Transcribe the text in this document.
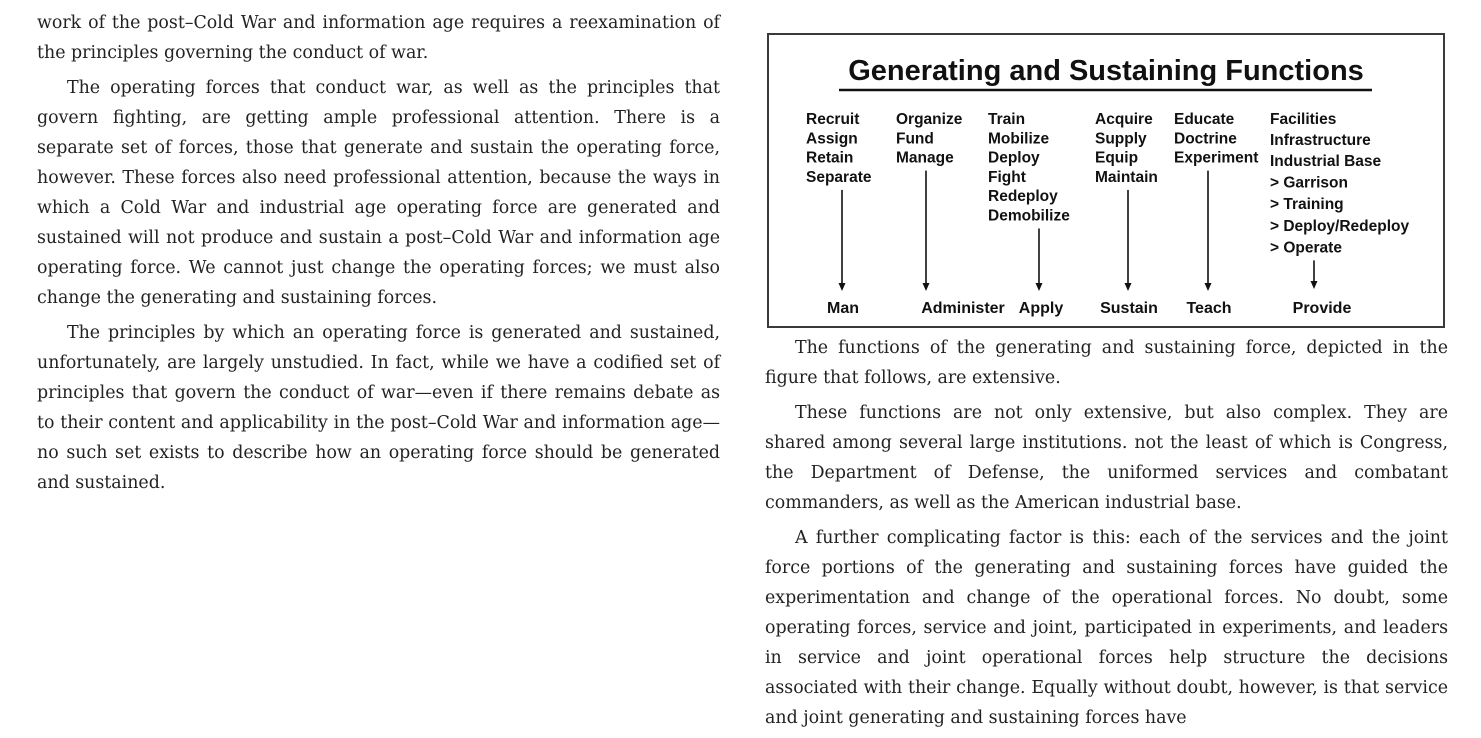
work of the post–Cold War and information age requires a reexamination of the principles governing the conduct of war.

The operating forces that conduct war, as well as the principles that govern fighting, are getting ample professional attention. There is a separate set of forces, those that generate and sustain the operating force, however. These forces also need professional attention, because the ways in which a Cold War and industrial age operating force are generated and sustained will not produce and sustain a post–Cold War and information age operating force. We cannot just change the operating forces; we must also change the generating and sustaining forces.

The principles by which an operating force is generated and sustained, unfortunately, are largely unstudied. In fact, while we have a codified set of principles that govern the conduct of war—even if there remains debate as to their content and applicability in the post–Cold War and information age—no such set exists to describe how an operating force should be generated and sustained.

Generating and Sustaining Functions
Recruit
Assign
Retain
Separate
Man
Organize
Fund
Manage
Administer
Train
Mobilize
Deploy
Fight
Redeploy
Demobilize
Apply
Acquire
Supply
Equip
Maintain
Sustain
Educate
Doctrine
Experiment
Teach
Facilities
Infrastructure
Industrial Base
> Garrison
> Training
> Deploy/Redeploy
> Operate
Provide

The functions of the generating and sustaining force, depicted in the figure that follows, are extensive.

These functions are not only extensive, but also complex. They are shared among several large institutions. not the least of which is Congress, the Department of Defense, the uniformed services and combatant commanders, as well as the American industrial base.

A further complicating factor is this: each of the services and the joint force portions of the generating and sustaining forces have guided the experimentation and change of the operational forces. No doubt, some operating forces, service and joint, participated in experiments, and leaders in service and joint operational forces help structure the decisions associated with their change. Equally without doubt, however, is that service and joint generating and sustaining forces have
